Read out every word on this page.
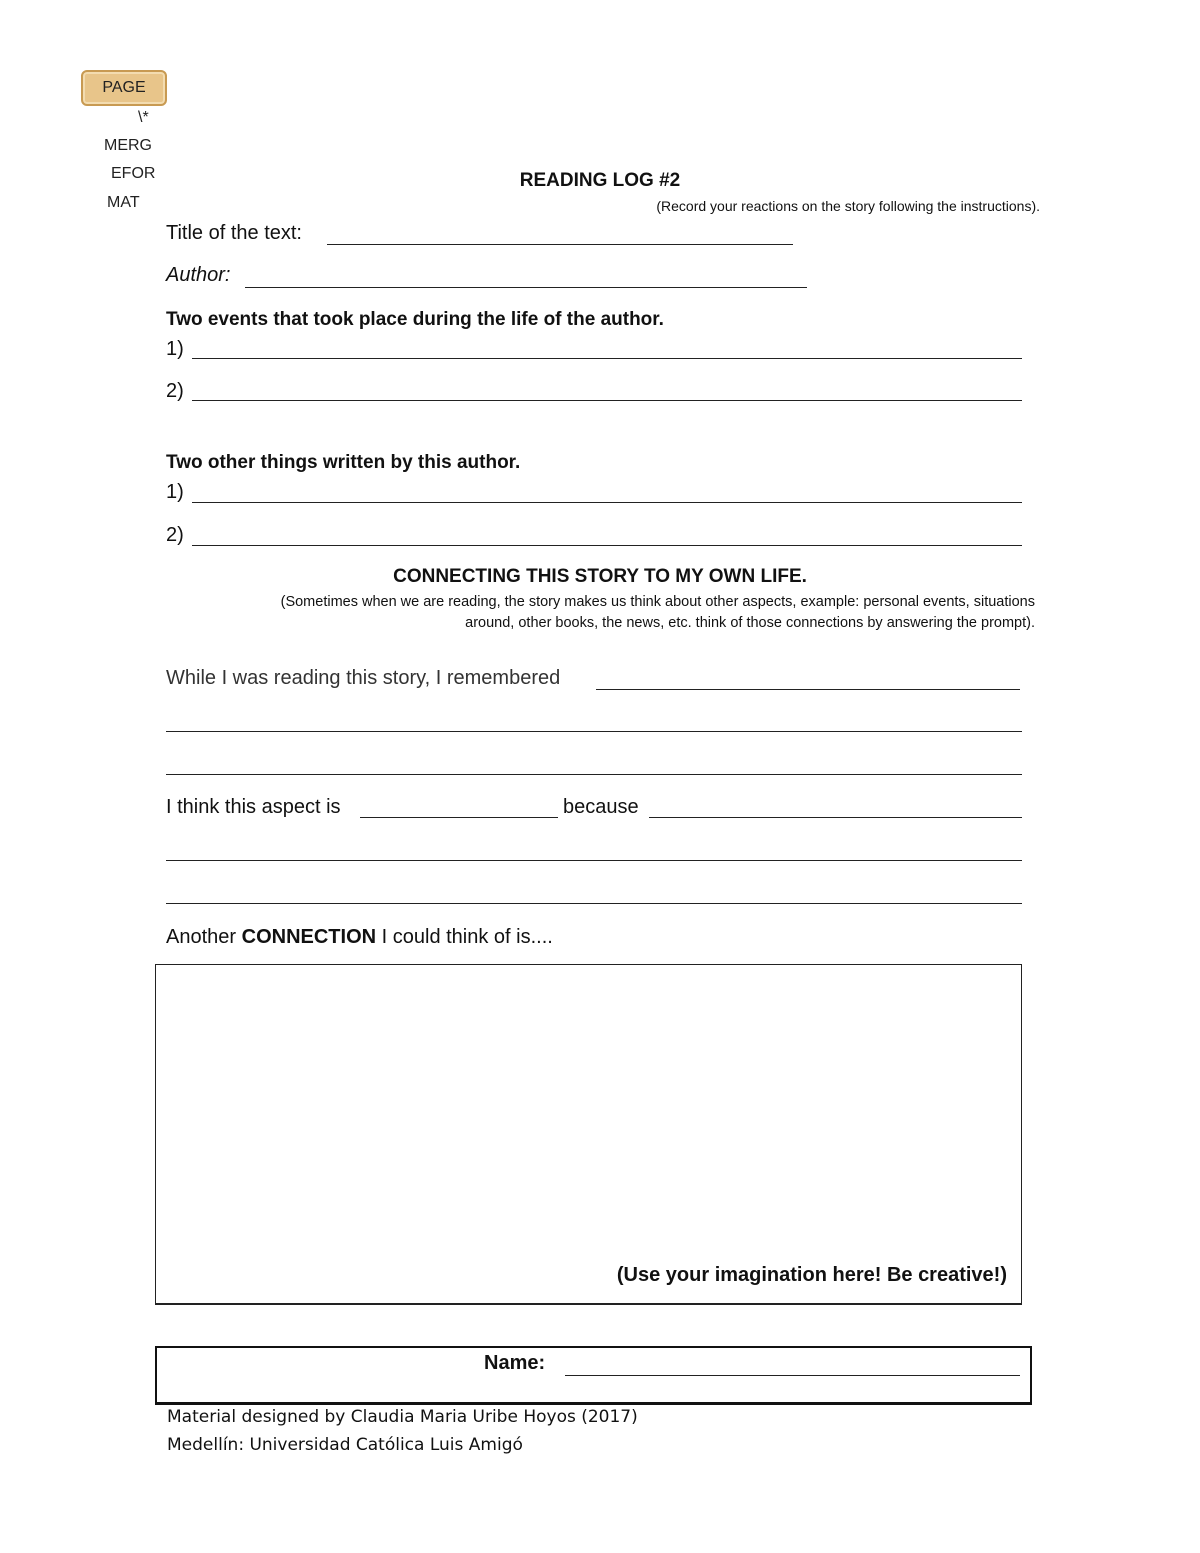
PAGE
\*
MERG
EFOR
MAT
READING LOG #2
(Record your reactions on the story following the instructions).
Title of the text:
Author:
Two events that took place during the life of the author.
1)
2)
Two other things written by this author.
1)
2)
CONNECTING THIS STORY TO MY OWN LIFE.
(Sometimes when we are reading, the story makes us think about other aspects, example: personal events, situations
around, other books, the news, etc. think of those connections by answering the prompt).
While I was reading this story, I remembered
I think this aspect is	because
Another CONNECTION I could think of is....
(Use your imagination here! Be creative!)
Name:
Material designed by Claudia Maria Uribe Hoyos (2017)
Medellín: Universidad Católica Luis Amigó
